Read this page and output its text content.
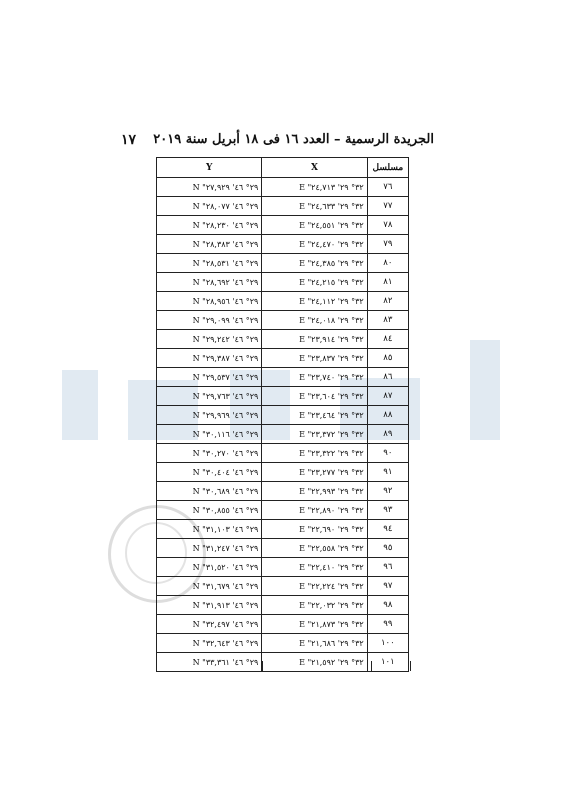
١٧ الجريدة الرسمية – العدد ١٦ فى ١٨ أبريل سنة ٢٠١٩
Y	X	مسلسل
N "٢٩° ٤٦' ٢٧,٩٢٩	E "٣٢° ٢٩' ٢٤,٧١٣	٧٦
N "٢٩° ٤٦' ٢٨,٠٧٧	E "٣٢° ٢٩' ٢٤,٦٣٣	٧٧
N "٢٩° ٤٦' ٢٨,٢٣٠	E "٣٢° ٢٩' ٢٤,٥٥١	٧٨
N "٢٩° ٤٦' ٢٨,٣٨٣	E "٣٢° ٢٩' ٢٤,٤٧٠	٧٩
N "٢٩° ٤٦' ٢٨,٥٣١	E "٣٢° ٢٩' ٢٤,٣٨٥	٨٠
N "٢٩° ٤٦' ٢٨,٦٩٢	E "٣٢° ٢٩' ٢٤,٢١٥	٨١
N "٢٩° ٤٦' ٢٨,٩٥٦	E "٣٢° ٢٩' ٢٤,١١٢	٨٢
N "٢٩° ٤٦' ٢٩,٠٩٩	E "٣٢° ٢٩' ٢٤,٠١٨	٨٣
N "٢٩° ٤٦' ٢٩,٢٤٢	E "٣٢° ٢٩' ٢٣,٩١٤	٨٤
N "٢٩° ٤٦' ٢٩,٣٨٧	E "٣٢° ٢٩' ٢٣,٨٣٧	٨٥
N "٢٩° ٤٦' ٢٩,٥٣٧	E "٣٢° ٢٩' ٢٣,٧٤٠	٨٦
N "٢٩° ٤٦' ٢٩,٧٦٣	E "٣٢° ٢٩' ٢٣,٦٠٤	٨٧
N "٢٩° ٤٦' ٢٩,٩٦٩	E "٣٢° ٢٩' ٢٣,٤٦٤	٨٨
N "٢٩° ٤٦' ٣٠,١١٦	E "٣٢° ٢٩' ٢٣,٣٧٢	٨٩
N "٢٩° ٤٦' ٣٠,٢٧٠	E "٣٢° ٢٩' ٢٣,٣٢٢	٩٠
N "٢٩° ٤٦' ٣٠,٤٠٤	E "٣٢° ٢٩' ٢٣,٢٧٧	٩١
N "٢٩° ٤٦' ٣٠,٦٨٩	E "٣٢° ٢٩' ٢٢,٩٩٣	٩٢
N "٢٩° ٤٦' ٣٠,٨٥٥	E "٣٢° ٢٩' ٢٢,٨٩٠	٩٣
N "٢٩° ٤٦' ٣١,١٠٣	E "٣٢° ٢٩' ٢٢,٦٩٠	٩٤
N "٢٩° ٤٦' ٣١,٢٤٧	E "٣٢° ٢٩' ٢٢,٥٥٨	٩٥
N "٢٩° ٤٦' ٣١,٥٢٠	E "٣٢° ٢٩' ٢٢,٤١٠	٩٦
N "٢٩° ٤٦' ٣١,٦٧٩	E "٣٢° ٢٩' ٢٢,٢٢٤	٩٧
N "٢٩° ٤٦' ٣١,٩١٣	E "٣٢° ٢٩' ٢٢,٠٣٢	٩٨
N "٢٩° ٤٦' ٣٢,٤٩٧	E "٣٢° ٢٩' ٢١,٨٧٣	٩٩
N "٢٩° ٤٦' ٣٢,٦٤٣	E "٣٢° ٢٩' ٢١,٦٨٦	١٠٠
N "٢٩° ٤٦' ٣٣,٣٦١	E "٣٢° ٢٩' ٢١,٥٩٢	١٠١
